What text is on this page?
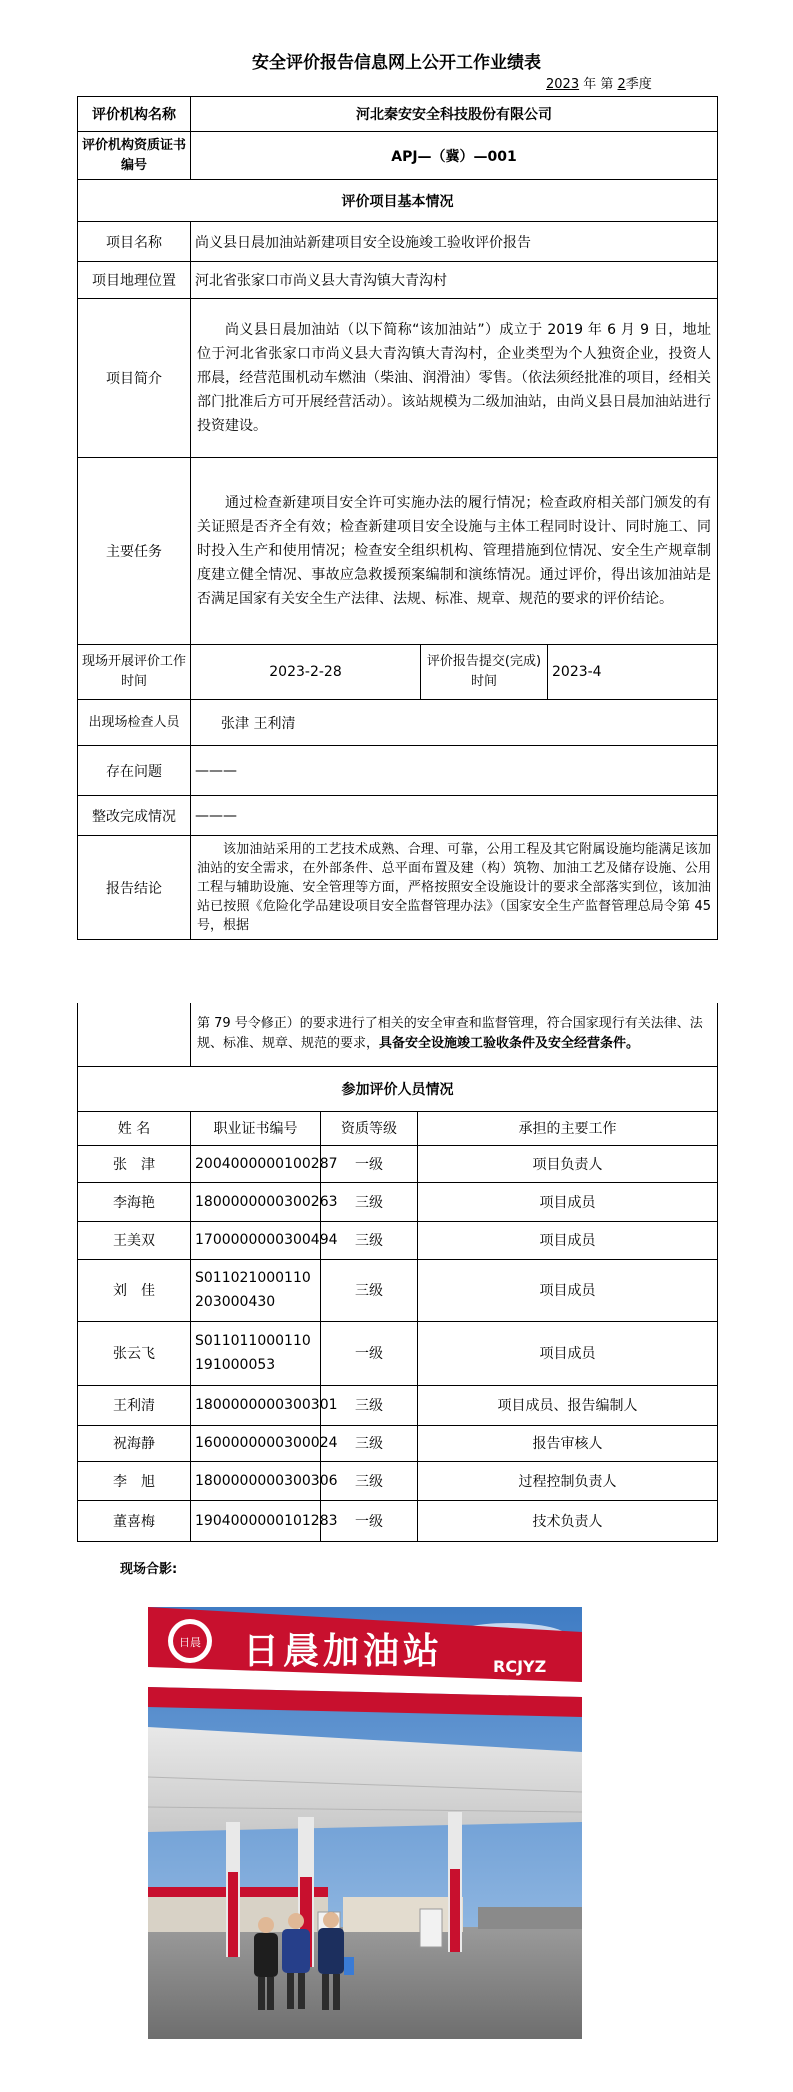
安全评价报告信息网上公开工作业绩表
2023 年 第 2季度
评价机构名称	河北秦安安全科技股份有限公司		
评价机构资质证书编号	APJ—（冀）—001		
评价项目基本情况			
项目名称	尚义县日晨加油站新建项目安全设施竣工验收评价报告		
项目地理位置	河北省张家口市尚义县大青沟镇大青沟村		
项目简介	尚义县日晨加油站（以下简称“该加油站”）成立于 2019 年 6 月 9 日，地址位于河北省张家口市尚义县大青沟镇大青沟村，企业类型为个人独资企业，投资人邢晨，经营范围机动车燃油（柴油、润滑油）零售。（依法须经批准的项目，经相关部门批准后方可开展经营活动）。该站规模为二级加油站，由尚义县日晨加油站进行投资建设。		
主要任务	通过检查新建项目安全许可实施办法的履行情况；检查政府相关部门颁发的有关证照是否齐全有效；检查新建项目安全设施与主体工程同时设计、同时施工、同时投入生产和使用情况；检查安全组织机构、管理措施到位情况、安全生产规章制度建立健全情况、事故应急救援预案编制和演练情况。通过评价，得出该加油站是否满足国家有关安全生产法律、法规、标准、规章、规范的要求的评价结论。		
现场开展评价工作时间	2023-2-28	评价报告提交(完成)时间	2023-4
出现场检查人员	张津 王利清		
存在问题	———		
整改完成情况	———		
报告结论	该加油站采用的工艺技术成熟、合理、可靠，公用工程及其它附属设施均能满足该加油站的安全需求，在外部条件、总平面布置及建（构）筑物、加油工艺及储存设施、公用工程与辅助设施、安全管理等方面，严格按照安全设施设计的要求全部落实到位，该加油站已按照《危险化学品建设项目安全监督管理办法》（国家安全生产监督管理总局令第 45 号，根据		
	第 79 号令修正）的要求进行了相关的安全审查和监督管理，符合国家现行有关法律、法规、标准、规章、规范的要求，具备安全设施竣工验收条件及安全经营条件。		
参加评价人员情况			
姓 名	职业证书编号	资质等级	承担的主要工作
张　津	2004000000100287	一级	项目负责人
李海艳	1800000000300263	三级	项目成员
王美双	1700000000300494	三级	项目成员
刘　佳	S011021000110203000430	三级	项目成员
张云飞	S011011000110191000053	一级	项目成员
王利清	1800000000300301	三级	项目成员、报告编制人
祝海静	1600000000300024	三级	报告审核人
李　旭	1800000000300306	三级	过程控制负责人
董喜梅	1904000000101283	一级	技术负责人
现场合影:
日晨 日晨加油站	RCJYZ
